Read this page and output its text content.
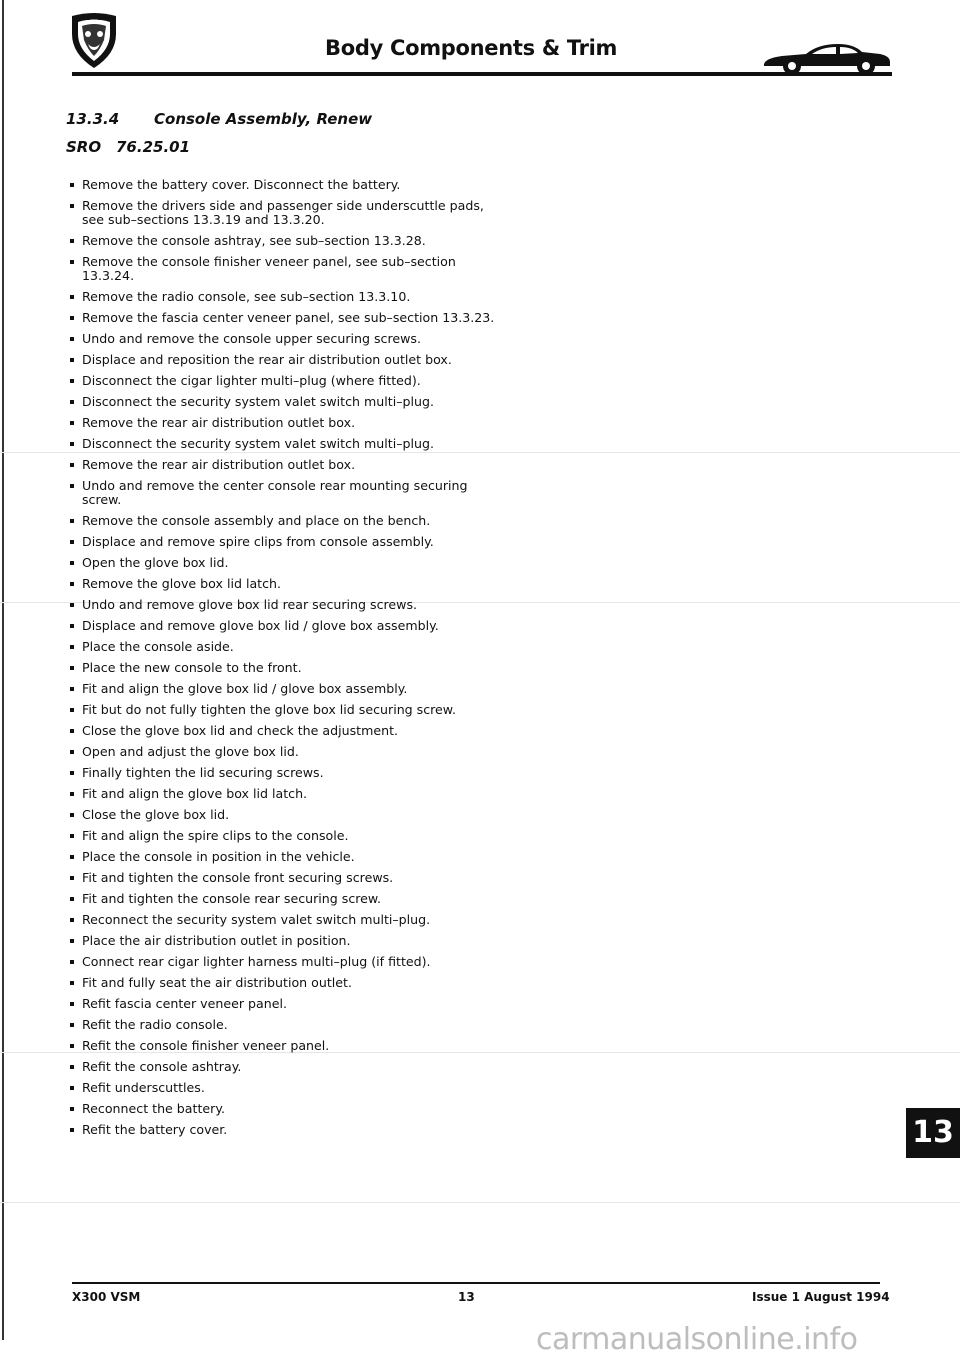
Body Components & Trim
13.3.4 Console Assembly, Renew
SRO 76.25.01
Remove the battery cover. Disconnect the battery.
Remove the drivers side and passenger side underscuttle pads, see sub–sections 13.3.19 and 13.3.20.
Remove the console ashtray, see sub–section 13.3.28.
Remove the console finisher veneer panel, see sub–section 13.3.24.
Remove the radio console, see sub–section 13.3.10.
Remove the fascia center veneer panel, see sub–section 13.3.23.
Undo and remove the console upper securing screws.
Displace and reposition the rear air distribution outlet box.
Disconnect the cigar lighter multi–plug (where fitted).
Disconnect the security system valet switch multi–plug.
Remove the rear air distribution outlet box.
Disconnect the security system valet switch multi–plug.
Remove the rear air distribution outlet box.
Undo and remove the center console rear mounting securing screw.
Remove the console assembly and place on the bench.
Displace and remove spire clips from console assembly.
Open the glove box lid.
Remove the glove box lid latch.
Undo and remove glove box lid rear securing screws.
Displace and remove glove box lid / glove box assembly.
Place the console aside.
Place the new console to the front.
Fit and align the glove box lid / glove box assembly.
Fit but do not fully tighten the glove box lid securing screw.
Close the glove box lid and check the adjustment.
Open and adjust the glove box lid.
Finally tighten the lid securing screws.
Fit and align the glove box lid latch.
Close the glove box lid.
Fit and align the spire clips to the console.
Place the console in position in the vehicle.
Fit and tighten the console front securing screws.
Fit and tighten the console rear securing screw.
Reconnect the security system valet switch multi–plug.
Place the air distribution outlet in position.
Connect rear cigar lighter harness multi–plug (if fitted).
Fit and fully seat the air distribution outlet.
Refit fascia center veneer panel.
Refit the radio console.
Refit the console finisher veneer panel.
Refit the console ashtray.
Refit underscuttles.
Reconnect the battery.
Refit the battery cover.	13
X300 VSM	13	Issue 1 August 1994
carmanualsonline.info
